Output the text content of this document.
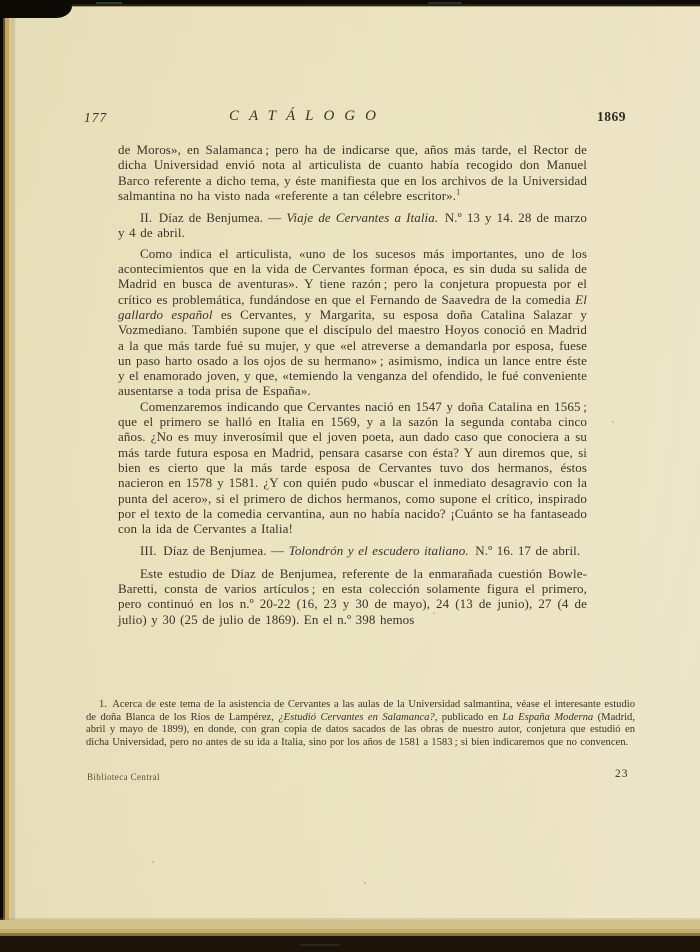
177	CATÁLOGO	1869

de Moros», en Salamanca ; pero ha de indicarse que, años más tarde, el Rector de dicha Universidad envió nota al articulista de cuanto había recogido don Manuel Barco referente a dicho tema, y éste manifiesta que en los archivos de la Universidad salmantina no ha visto nada «referente a tan célebre escritor».$^1$

II. Díaz de Benjumea. — Viaje de Cervantes a Italia. N.º 13 y 14. 28 de marzo y 4 de abril.

Como indica el articulista, «uno de los sucesos más importantes, uno de los acontecimientos que en la vida de Cervantes forman época, es sin duda su salida de Madrid en busca de aventuras». Y tiene razón ; pero la conjetura propuesta por el crítico es problemática, fundándose en que el Fernando de Saavedra de la comedia El gallardo español es Cervantes, y Margarita, su esposa doña Catalina Salazar y Vozmediano. También supone que el discípulo del maestro Hoyos conoció en Madrid a la que más tarde fué su mujer, y que «el atreverse a demandarla por esposa, fuese un paso harto osado a los ojos de su hermano» ; asimismo, indica un lance entre éste y el enamorado joven, y que, «temiendo la venganza del ofendido, le fué conveniente ausentarse a toda prisa de España».

Comenzaremos indicando que Cervantes nació en 1547 y doña Catalina en 1565 ; que el primero se halló en Italia en 1569, y a la sazón la segunda contaba cinco años. ¿No es muy inverosímil que el joven poeta, aun dado caso que conociera a su más tarde futura esposa en Madrid, pensara casarse con ésta? Y aun diremos que, si bien es cierto que la más tarde esposa de Cervantes tuvo dos hermanos, éstos nacieron en 1578 y 1581. ¿Y con quién pudo «buscar el inmediato desagravio con la punta del acero», si el primero de dichos hermanos, como supone el crítico, inspirado por el texto de la comedia cervantina, aun no había nacido? ¡Cuánto se ha fantaseado con la ida de Cervantes a Italia!

III. Díaz de Benjumea. — Tolondrón y el escudero italiano. N.º 16. 17 de abril.

Este estudio de Díaz de Benjumea, referente de la enmarañada cuestión Bowle-Baretti, consta de varios artículos ; en esta colección solamente figura el primero, pero continuó en los n.º 20-22 (16, 23 y 30 de mayo), 24 (13 de junio), 27 (4 de julio) y 30 (25 de julio de 1869). En el n.º 398 hemos

1. Acerca de este tema de la asistencia de Cervantes a las aulas de la Universidad salmantina, véase el interesante estudio de doña Blanca de los Ríos de Lampérez, ¿Estudió Cervantes en Salamanca?, publicado en La España Moderna (Madrid, abril y mayo de 1899), en donde, con gran copia de datos sacados de las obras de nuestro autor, conjetura que estudió en dicha Universidad, pero no antes de su ida a Italia, sino por los años de 1581 a 1583 ; si bien indicaremos que no convencen.
Biblioteca Central	23
